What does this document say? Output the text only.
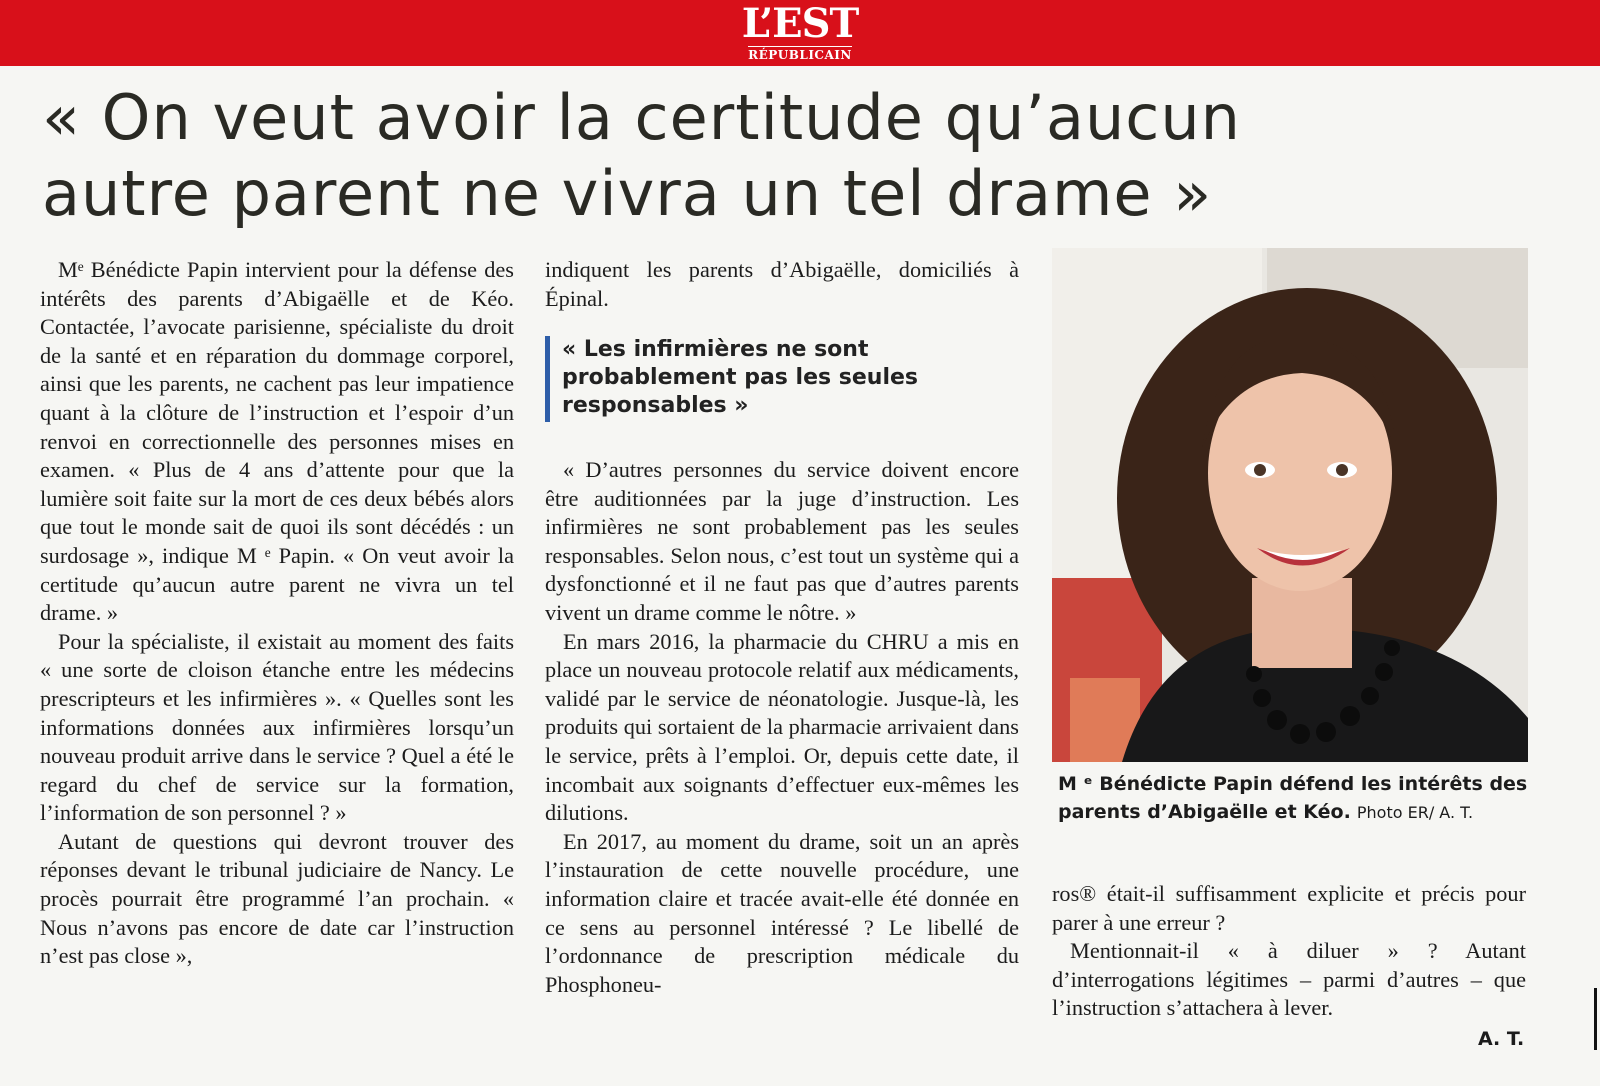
L’EST
RÉPUBLICAIN
« On veut avoir la certitude qu’aucun
autre parent ne vivra un tel drame »

Mᵉ Bénédicte Papin intervient pour la défense des intérêts des parents d’Abigaëlle et de Kéo. Contactée, l’avocate parisienne, spécialiste du droit de la santé et en réparation du dommage corporel, ainsi que les parents, ne cachent pas leur impatience quant à la clôture de l’instruction et l’espoir d’un renvoi en correctionnelle des personnes mises en examen. « Plus de 4 ans d’attente pour que la lumière soit faite sur la mort de ces deux bébés alors que tout le monde sait de quoi ils sont décédés : un surdosage », indique M ᵉ Papin. « On veut avoir la certitude qu’aucun autre parent ne vivra un tel drame. »

Pour la spécialiste, il existait au moment des faits « une sorte de cloison étanche entre les médecins prescripteurs et les infirmières ». « Quelles sont les informations données aux infirmières lorsqu’un nouveau produit arrive dans le service ? Quel a été le regard du chef de service sur la formation, l’information de son personnel ? »

Autant de questions qui devront trouver des réponses devant le tribunal judiciaire de Nancy. Le procès pourrait être programmé l’an prochain. « Nous n’avons pas encore de date car l’instruction n’est pas close »,

indiquent les parents d’Abigaëlle, domiciliés à Épinal.

« Les infirmières ne sont probablement pas les seules responsables »

« D’autres personnes du service doivent encore être auditionnées par la juge d’instruction. Les infirmières ne sont probablement pas les seules responsables. Selon nous, c’est tout un système qui a dysfonctionné et il ne faut pas que d’autres parents vivent un drame comme le nôtre. »

En mars 2016, la pharmacie du CHRU a mis en place un nouveau protocole relatif aux médicaments, validé par le service de néonatologie. Jusque-là, les produits qui sortaient de la pharmacie arrivaient dans le service, prêts à l’emploi. Or, depuis cette date, il incombait aux soignants d’effectuer eux-mêmes les dilutions.

En 2017, au moment du drame, soit un an après l’instauration de cette nouvelle procédure, une information claire et tracée avait-elle été donnée en ce sens au personnel intéressé ? Le libellé de l’ordonnance de prescription médicale du Phosphoneu-

M ᵉ Bénédicte Papin défend les intérêts des parents d’Abigaëlle et Kéo. Photo ER/ A. T.

ros® était-il suffisamment explicite et précis pour parer à une erreur ?

Mentionnait-il « à diluer » ? Autant d’interrogations légitimes – parmi d’autres – que l’instruction s’attachera à lever.

A. T.
